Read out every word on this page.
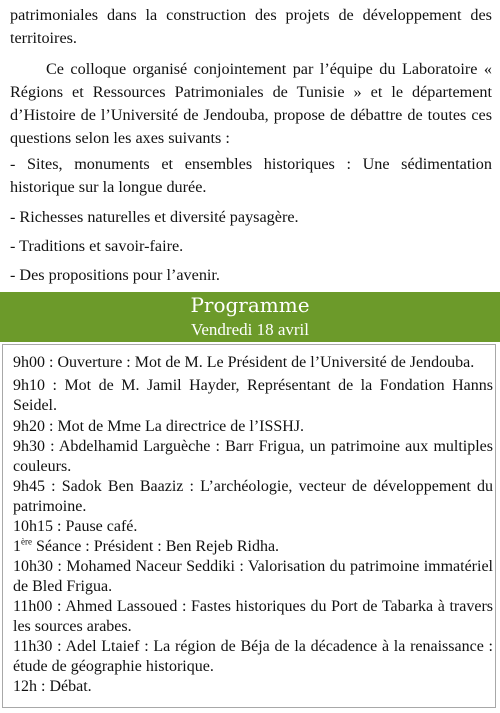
patrimoniales dans la construction des projets de développement des territoires.

Ce colloque organisé conjointement par l’équipe du Laboratoire « Régions et Ressources Patrimoniales de Tunisie » et le département d’Histoire de l’Université de Jendouba, propose de débattre de toutes ces questions selon les axes suivants :

- Sites, monuments et ensembles historiques : Une sédimentation historique sur la longue durée.

- Richesses naturelles et diversité paysagère.

- Traditions et savoir-faire.

- Des propositions pour l’avenir.

Programme
Vendredi 18 avril

9h00 : Ouverture : Mot de M. Le Président de l’Université de Jendouba.

9h10 : Mot de M. Jamil Hayder, Représentant de la Fondation Hanns Seidel.

9h20 : Mot de Mme La directrice de l’ISSHJ.

9h30 : Abdelhamid Larguèche : Barr Frigua, un patrimoine aux multiples couleurs.

9h45 : Sadok Ben Baaziz : L’archéologie, vecteur de développement du patrimoine.

10h15 : Pause café.

1ère Séance : Président : Ben Rejeb Ridha.

10h30 : Mohamed Naceur Seddiki : Valorisation du patrimoine immatériel de Bled Frigua.

11h00 : Ahmed Lassoued : Fastes historiques du Port de Tabarka à travers les sources arabes.

11h30 : Adel Ltaief : La région de Béja de la décadence à la renaissance : étude de géographie historique.

12h : Débat.
